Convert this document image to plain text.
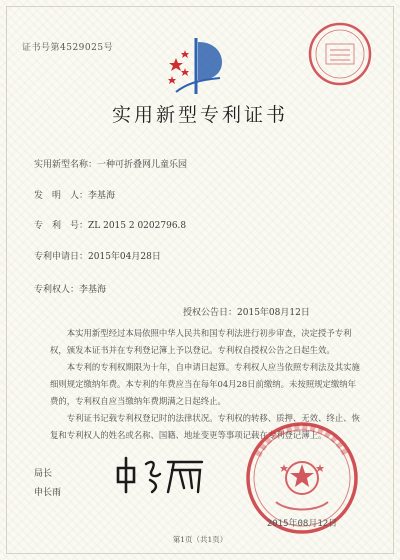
证书号第4529025号
实用新型专利证书
实用新型名称：一种可折叠网儿童乐园
发　明　人：李基海
专　利　号：ZL 2015 2 0202796.8
专利申请日：2015年04月28日
专利权人：李基海
授权公告日：2015年08月12日

本实用新型经过本局依照中华人民共和国专利法进行初步审查，决定授予专利权，颁发本证书并在专利登记簿上予以登记。专利权自授权公告之日起生效。

本专利的专利权期限为十年，自申请日起算。专利权人应当依照专利法及其实施细则规定缴纳年费。本专利的年费应当在每年04月28日前缴纳。未按照规定缴纳年费的，专利权自应当缴纳年费期满之日起终止。

专利证书记载专利权登记时的法律状况。专利权的转移、质押、无效、终止、恢复和专利权人的姓名或名称、国籍、地址变更等事项记载在专利登记簿上。

局长
申长雨
2015年08月12日
第1页（共1页）
